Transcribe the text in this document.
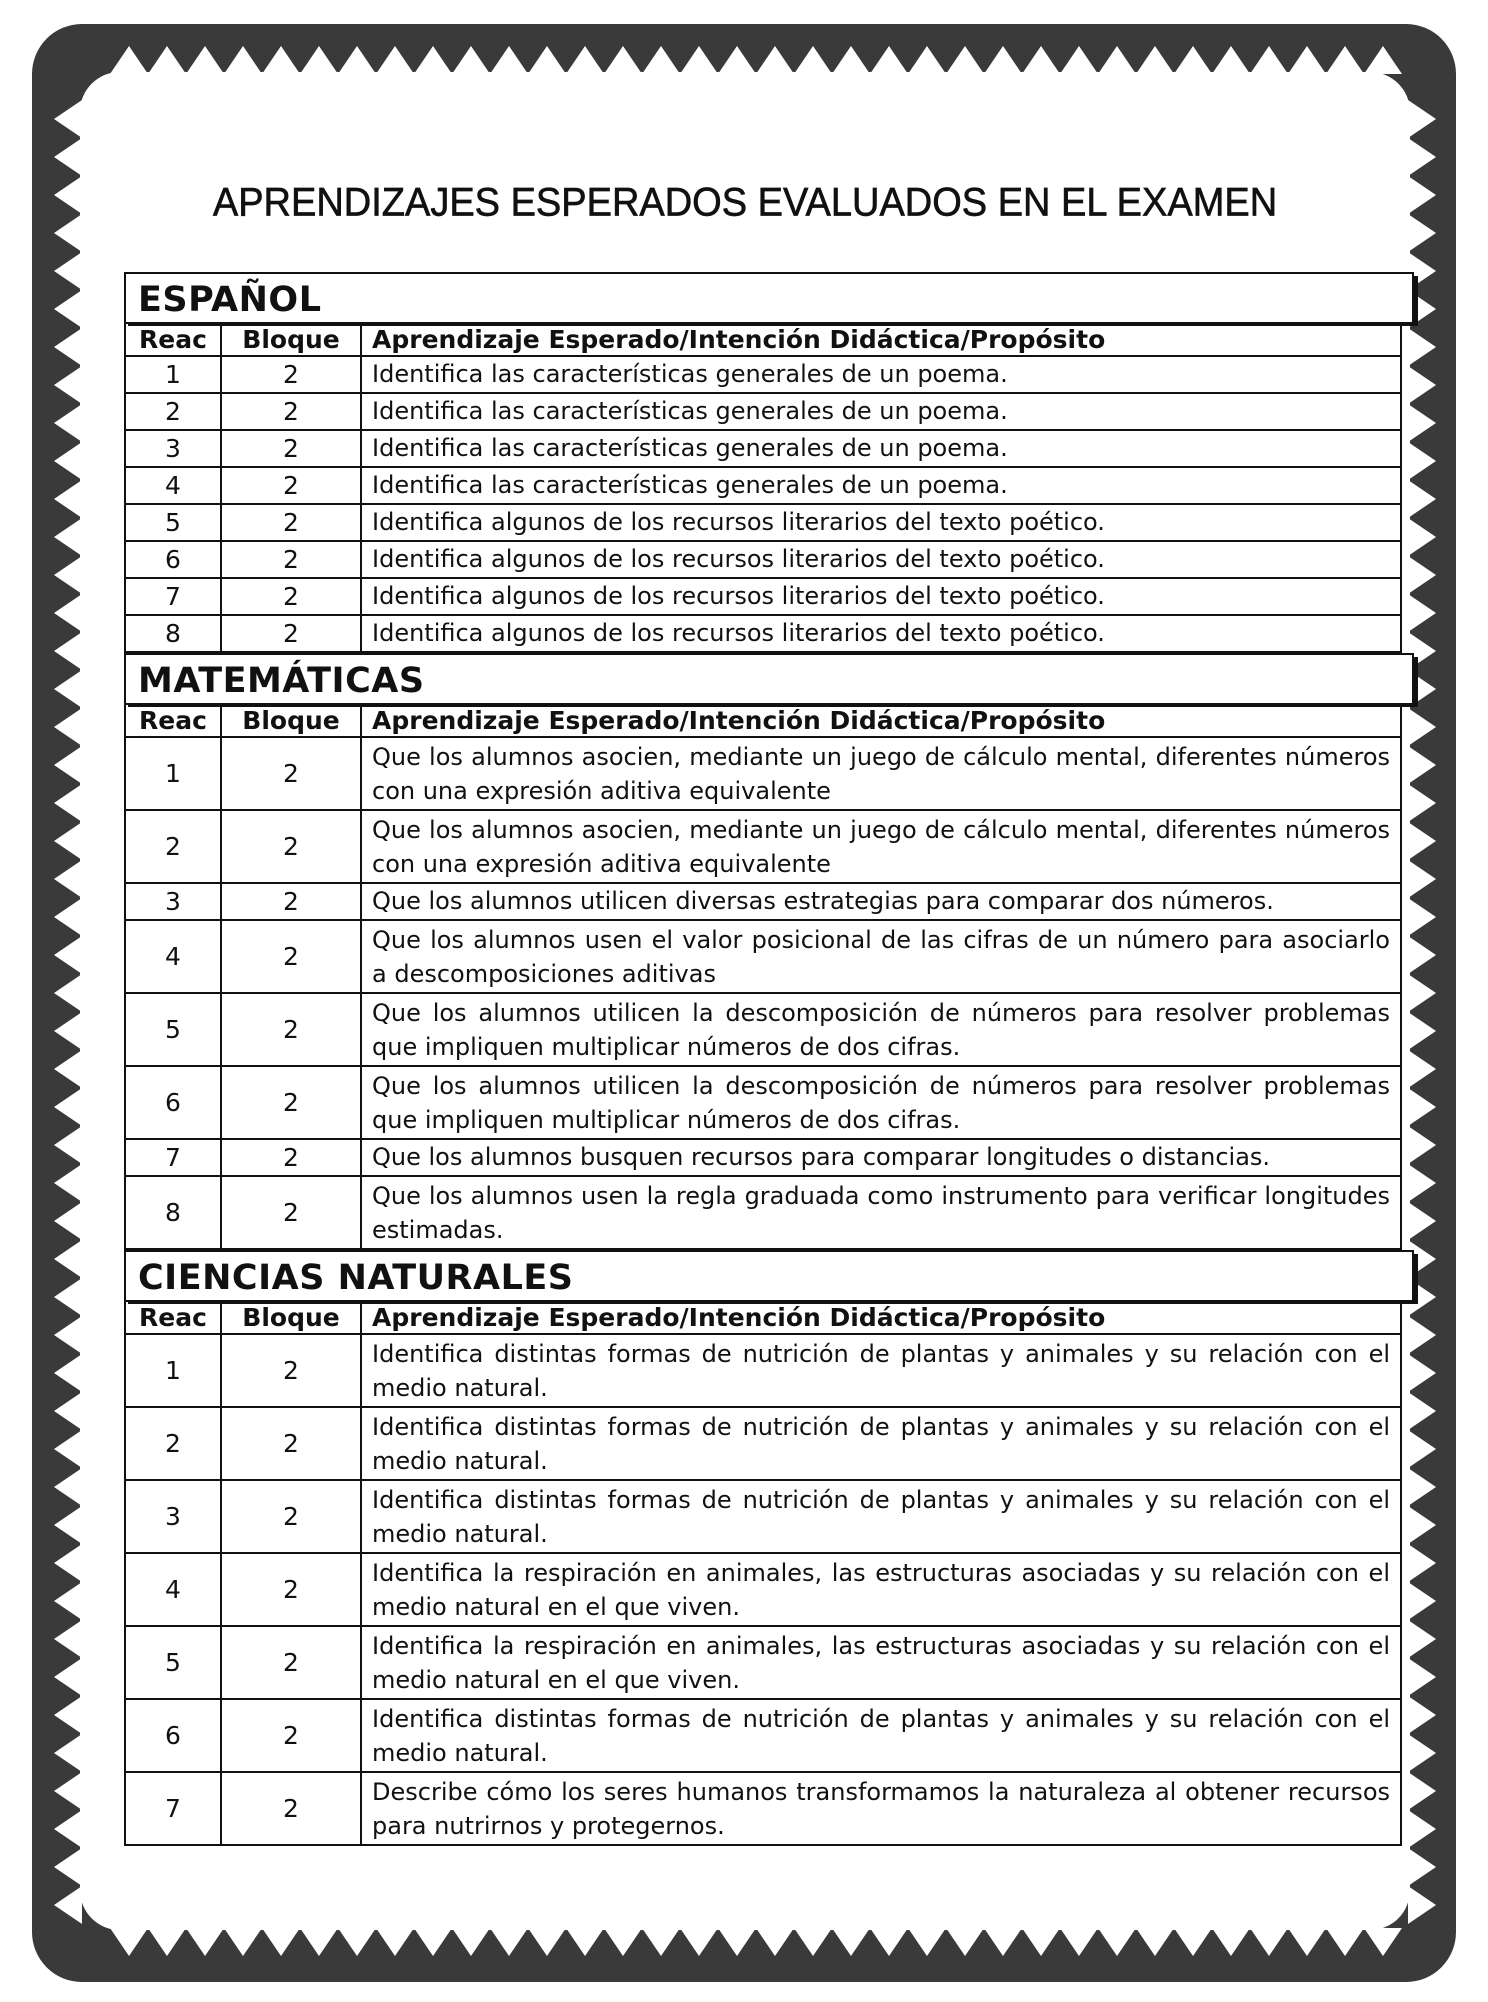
APRENDIZAJES ESPERADOS EVALUADOS EN EL EXAMEN
ESPAÑOL
Reac	Bloque	Aprendizaje Esperado/Intención Didáctica/Propósito
1	2	Identifica las características generales de un poema.
2	2	Identifica las características generales de un poema.
3	2	Identifica las características generales de un poema.
4	2	Identifica las características generales de un poema.
5	2	Identifica algunos de los recursos literarios del texto poético.
6	2	Identifica algunos de los recursos literarios del texto poético.
7	2	Identifica algunos de los recursos literarios del texto poético.
8	2	Identifica algunos de los recursos literarios del texto poético.
MATEMÁTICAS
Reac	Bloque	Aprendizaje Esperado/Intención Didáctica/Propósito
1	2	Que los alumnos asocien, mediante un juego de cálculo mental, diferentes números con una expresión aditiva equivalente
2	2	Que los alumnos asocien, mediante un juego de cálculo mental, diferentes números con una expresión aditiva equivalente
3	2	Que los alumnos utilicen diversas estrategias para comparar dos números.
4	2	Que los alumnos usen el valor posicional de las cifras de un número para asociarlo a descomposiciones aditivas
5	2	Que los alumnos utilicen la descomposición de números para resolver problemas que impliquen multiplicar números de dos cifras.
6	2	Que los alumnos utilicen la descomposición de números para resolver problemas que impliquen multiplicar números de dos cifras.
7	2	Que los alumnos busquen recursos para comparar longitudes o distancias.
8	2	Que los alumnos usen la regla graduada como instrumento para verificar longitudes estimadas.
CIENCIAS NATURALES
Reac	Bloque	Aprendizaje Esperado/Intención Didáctica/Propósito
1	2	Identifica distintas formas de nutrición de plantas y animales y su relación con el medio natural.
2	2	Identifica distintas formas de nutrición de plantas y animales y su relación con el medio natural.
3	2	Identifica distintas formas de nutrición de plantas y animales y su relación con el medio natural.
4	2	Identifica la respiración en animales, las estructuras asociadas y su relación con el medio natural en el que viven.
5	2	Identifica la respiración en animales, las estructuras asociadas y su relación con el medio natural en el que viven.
6	2	Identifica distintas formas de nutrición de plantas y animales y su relación con el medio natural.
7	2	Describe cómo los seres humanos transformamos la naturaleza al obtener recursos para nutrirnos y protegernos.
